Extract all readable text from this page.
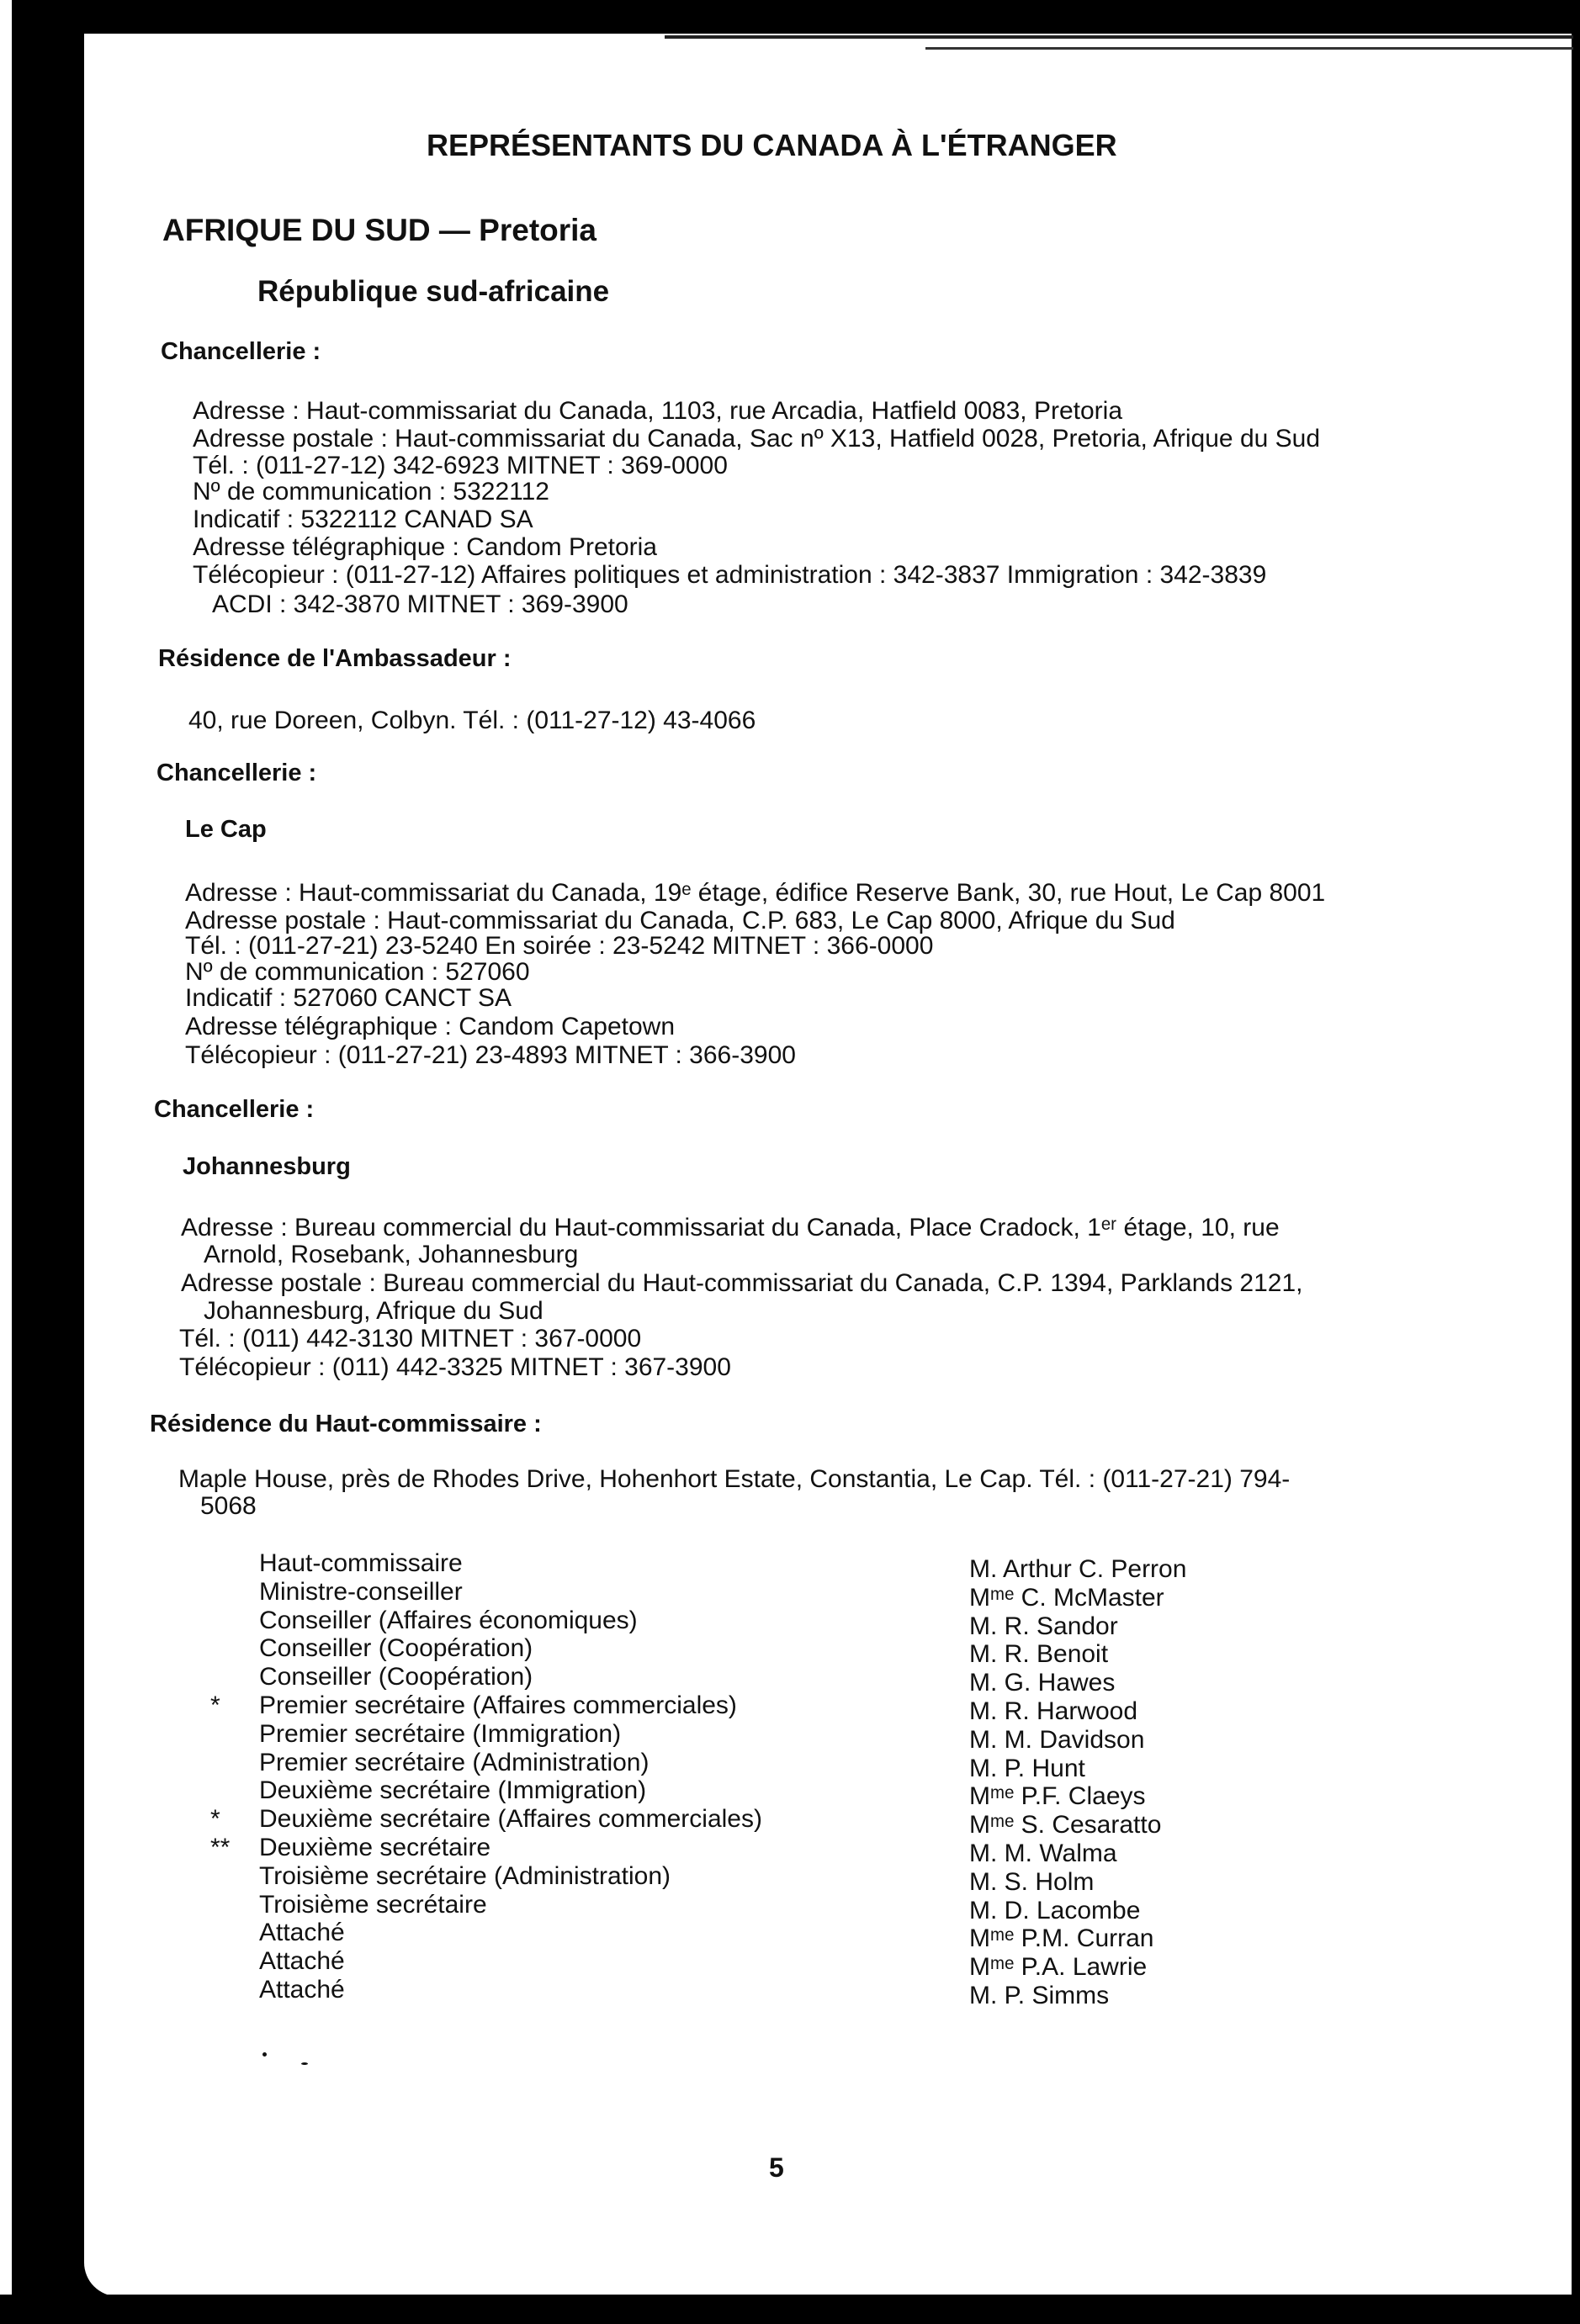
REPRÉSENTANTS DU CANADA À L'ÉTRANGER
AFRIQUE DU SUD — Pretoria
République sud-africaine
Chancellerie :
Adresse : Haut-commissariat du Canada, 1103, rue Arcadia, Hatfield 0083, Pretoria
Adresse postale : Haut-commissariat du Canada, Sac nº X13, Hatfield 0028, Pretoria, Afrique du Sud
Tél. : (011-27-12) 342-6923 MITNET : 369-0000
Nº de communication : 5322112
Indicatif : 5322112 CANAD SA
Adresse télégraphique : Candom Pretoria
Télécopieur : (011-27-12) Affaires politiques et administration : 342-3837 Immigration : 342-3839
ACDI : 342-3870 MITNET : 369-3900
Résidence de l'Ambassadeur :
40, rue Doreen, Colbyn. Tél. : (011-27-12) 43-4066
Chancellerie :
Le Cap
Adresse : Haut-commissariat du Canada, 19ᵉ étage, édifice Reserve Bank, 30, rue Hout, Le Cap 8001
Adresse postale : Haut-commissariat du Canada, C.P. 683, Le Cap 8000, Afrique du Sud
Tél. : (011-27-21) 23-5240 En soirée : 23-5242 MITNET : 366-0000
Nº de communication : 527060
Indicatif : 527060 CANCT SA
Adresse télégraphique : Candom Capetown
Télécopieur : (011-27-21) 23-4893 MITNET : 366-3900
Chancellerie :
Johannesburg
Adresse : Bureau commercial du Haut-commissariat du Canada, Place Cradock, 1ᵉʳ étage, 10, rue
Arnold, Rosebank, Johannesburg
Adresse postale : Bureau commercial du Haut-commissariat du Canada, C.P. 1394, Parklands 2121,
Johannesburg, Afrique du Sud
Tél. : (011) 442-3130 MITNET : 367-0000
Télécopieur : (011) 442-3325 MITNET : 367-3900
Résidence du Haut-commissaire :
Maple House, près de Rhodes Drive, Hohenhort Estate, Constantia, Le Cap. Tél. : (011-27-21) 794-
5068

*

*
**

Haut-commissaire
Ministre-conseiller
Conseiller (Affaires économiques)
Conseiller (Coopération)
Conseiller (Coopération)
Premier secrétaire (Affaires commerciales)
Premier secrétaire (Immigration)
Premier secrétaire (Administration)
Deuxième secrétaire (Immigration)
Deuxième secrétaire (Affaires commerciales)
Deuxième secrétaire
Troisième secrétaire (Administration)
Troisième secrétaire
Attaché
Attaché
Attaché
M. Arthur C. Perron
Mᵐᵉ C. McMaster
M. R. Sandor
M. R. Benoit
M. G. Hawes
M. R. Harwood
M. M. Davidson
M. P. Hunt
Mᵐᵉ P.F. Claeys
Mᵐᵉ S. Cesaratto
M. M. Walma
M. S. Holm
M. D. Lacombe
Mᵐᵉ P.M. Curran
Mᵐᵉ P.A. Lawrie
M. P. Simms
5
